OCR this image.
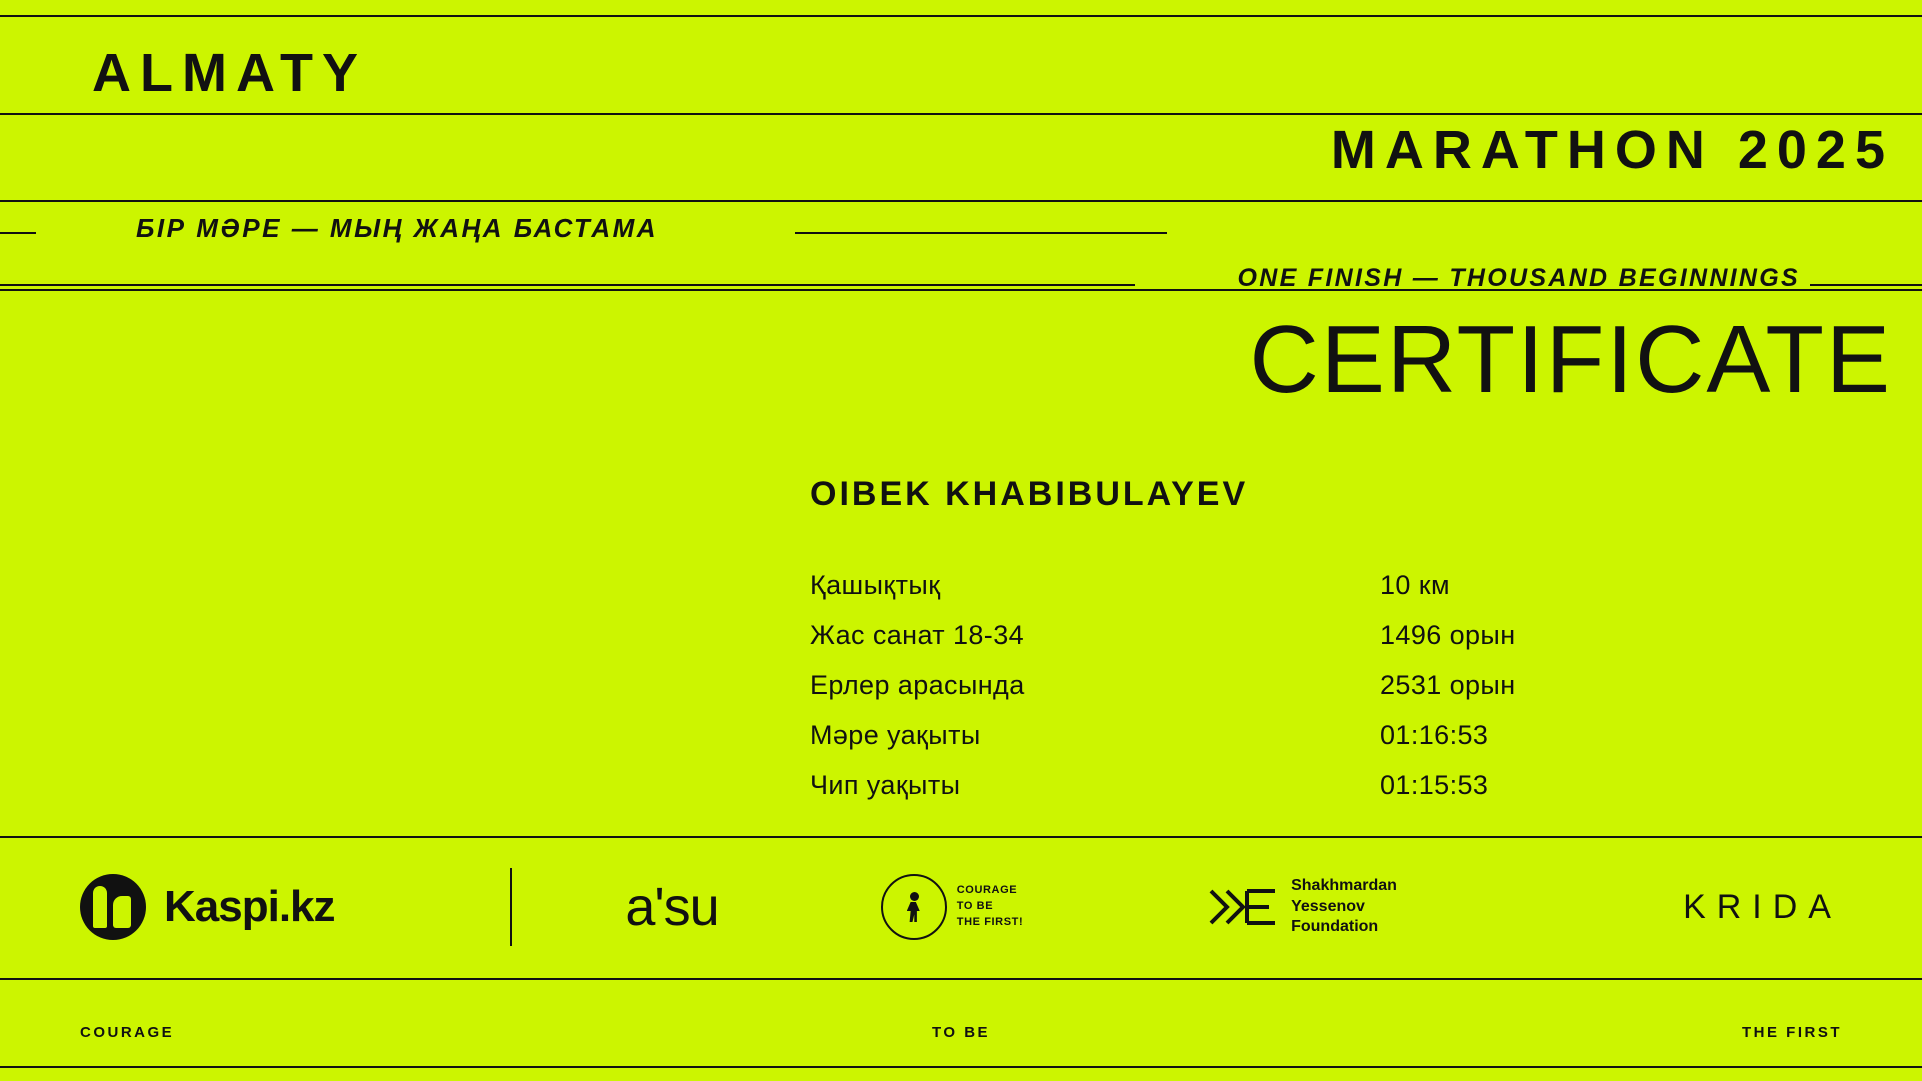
ALMATY
MARATHON 2025
БІР МӘРЕ — МЫҢ ЖАҢА БАСТАМА
ONE FINISH — THOUSAND BEGINNINGS
CERTIFICATE
OIBEK KHABIBULAYEV
Қашықтық	10 км
Жас санат 18-34	1496 орын
Ерлер арасында	2531 орын
Мәре уақыты	01:16:53
Чип уақыты	01:15:53
Kaspi.kz	aʹsu	COURAGE
TO BE
THE FIRST!
Shakhmardan
Yessenov
Foundation
KRIDA
COURAGE	TO BE	THE FIRST
